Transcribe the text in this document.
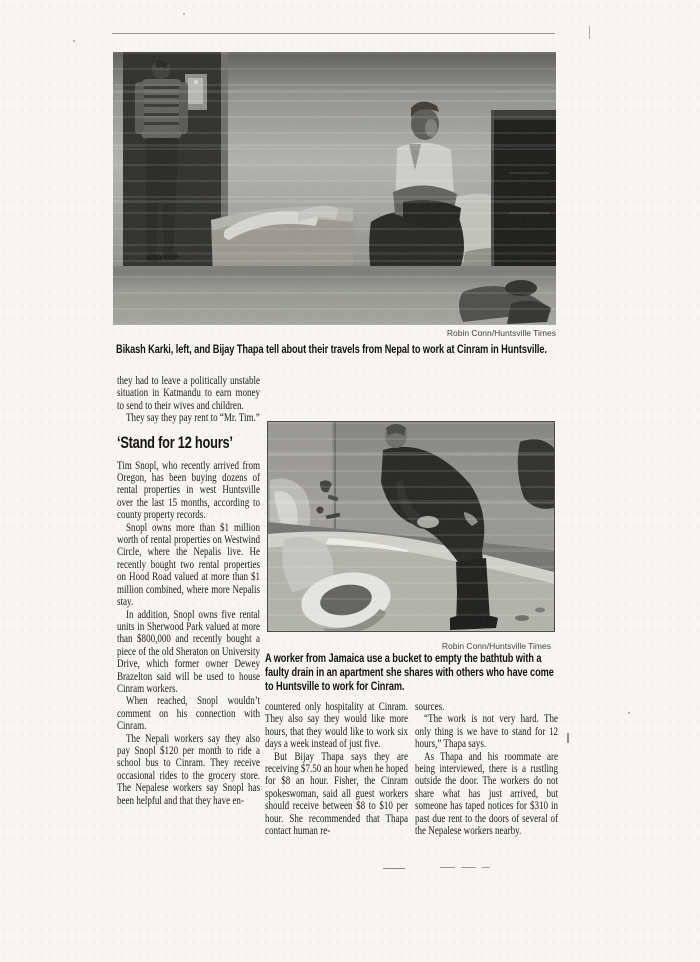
Robin Conn/Huntsville Times
Bikash Karki, left, and Bijay Thapa tell about their travels from Nepal to work at Cinram in Huntsville.

they had to leave a politically unstable situation in Katmandu to earn money to send to their wives and children.

They say they pay rent to “Mr. Tim.”

‘Stand for 12 hours’

Tim Snopl, who recently arrived from Oregon, has been buying dozens of rental properties in west Huntsville over the last 15 months, according to county property records.

Snopl owns more than $1 million worth of rental properties on Westwind Circle, where the Nepalis live. He recently bought two rental properties on Hood Road valued at more than $1 million combined, where more Nepalis stay.

In addition, Snopl owns five rental units in Sherwood Park valued at more than $800,000 and recently bought a piece of the old Sheraton on University Drive, which former owner Dewey Brazelton said will be used to house Cinram workers.

When reached, Snopl wouldn’t comment on his connection with Cinram.

The Nepali workers say they also pay Snopl $120 per month to ride a school bus to Cinram. They receive occasional rides to the grocery store. The Nepalese workers say Snopl has been helpful and that they have en-

Robin Conn/Huntsville Times
A worker from Jamaica use a bucket to empty the bathtub with a faulty drain in an apartment she shares with others who have come to Huntsville to work for Cinram.

countered only hospitality at Cinram. They also say they would like more hours, that they would like to work six days a week instead of just five.

But Bijay Thapa says they are receiving $7.50 an hour when he hoped for $8 an hour. Fisher, the Cinram spokeswoman, said all guest workers should receive between $8 to $10 per hour. She recommended that Thapa contact human re-

sources.

“The work is not very hard. The only thing is we have to stand for 12 hours,” Thapa says.

As Thapa and his roommate are being interviewed, there is a rustling outside the door. The workers do not share what has just arrived, but someone has taped notices for $310 in past due rent to the doors of several of the Nepalese workers nearby.
